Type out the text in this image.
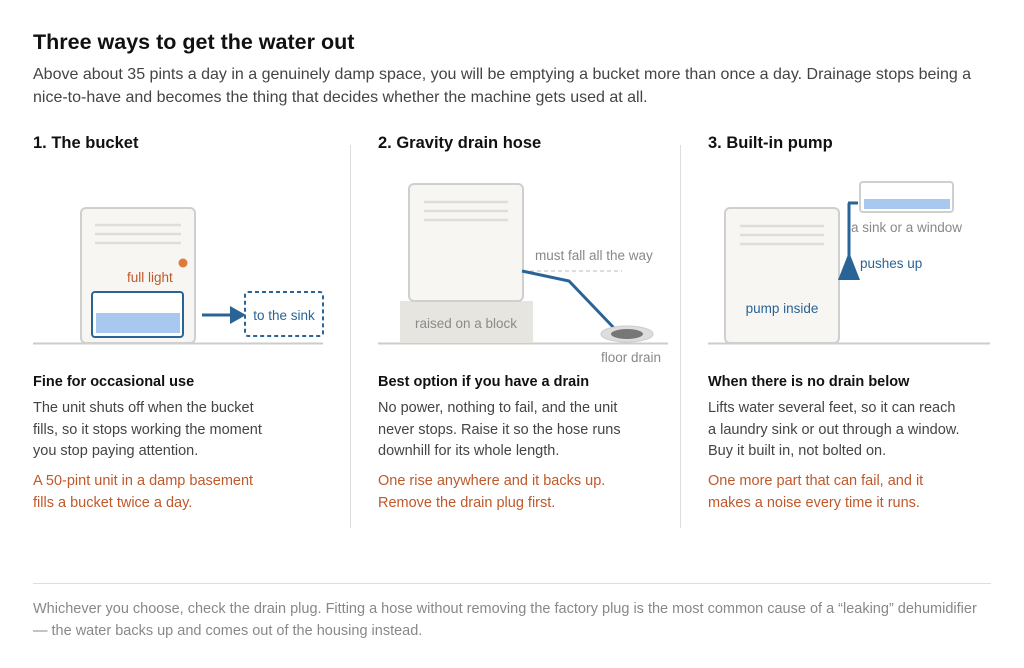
Three ways to get the water out
Above about 35 pints a day in a genuinely damp space, you will be emptying a bucket more than once a day. Drainage stops being a nice-to-have and becomes the thing that decides whether the machine gets used at all.
1. The bucket
full light
to the sink
Fine for occasional use
The unit shuts off when the bucket
fills, so it stops working the moment
you stop paying attention.
A 50-pint unit in a damp basement
fills a bucket twice a day.
2. Gravity drain hose
raised on a block
must fall all the way
floor drain
Best option if you have a drain
No power, nothing to fail, and the unit
never stops. Raise it so the hose runs
downhill for its whole length.
One rise anywhere and it backs up.
Remove the drain plug first.
3. Built-in pump
pump inside
pushes up
a sink or a window
When there is no drain below
Lifts water several feet, so it can reach
a laundry sink or out through a window.
Buy it built in, not bolted on.
One more part that can fail, and it
makes a noise every time it runs.
Whichever you choose, check the drain plug. Fitting a hose without removing the factory plug is the most common cause of a “leaking” dehumidifier — the water backs up and comes out of the housing instead.
